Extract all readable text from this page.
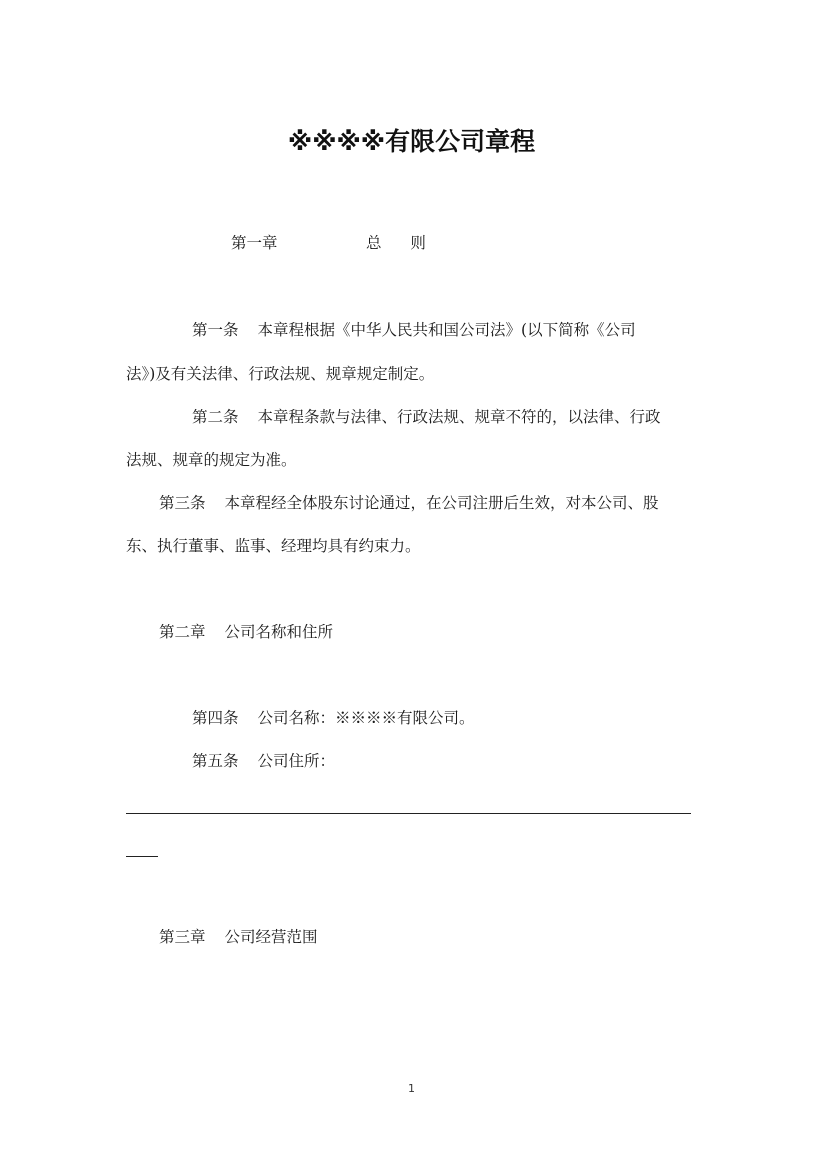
※※※※有限公司章程
第一章	总 则
第一条 本章程根据《中华人民共和国公司法》(以下简称《公司
法》)及有关法律、行政法规、规章规定制定。
第二条 本章程条款与法律、行政法规、规章不符的，以法律、行政
法规、规章的规定为准。
第三条 本章程经全体股东讨论通过，在公司注册后生效，对本公司、股
东、执行董事、监事、经理均具有约束力。
第二章 公司名称和住所
第四条 公司名称：※※※※有限公司。
第五条 公司住所：
第三章 公司经营范围
1
